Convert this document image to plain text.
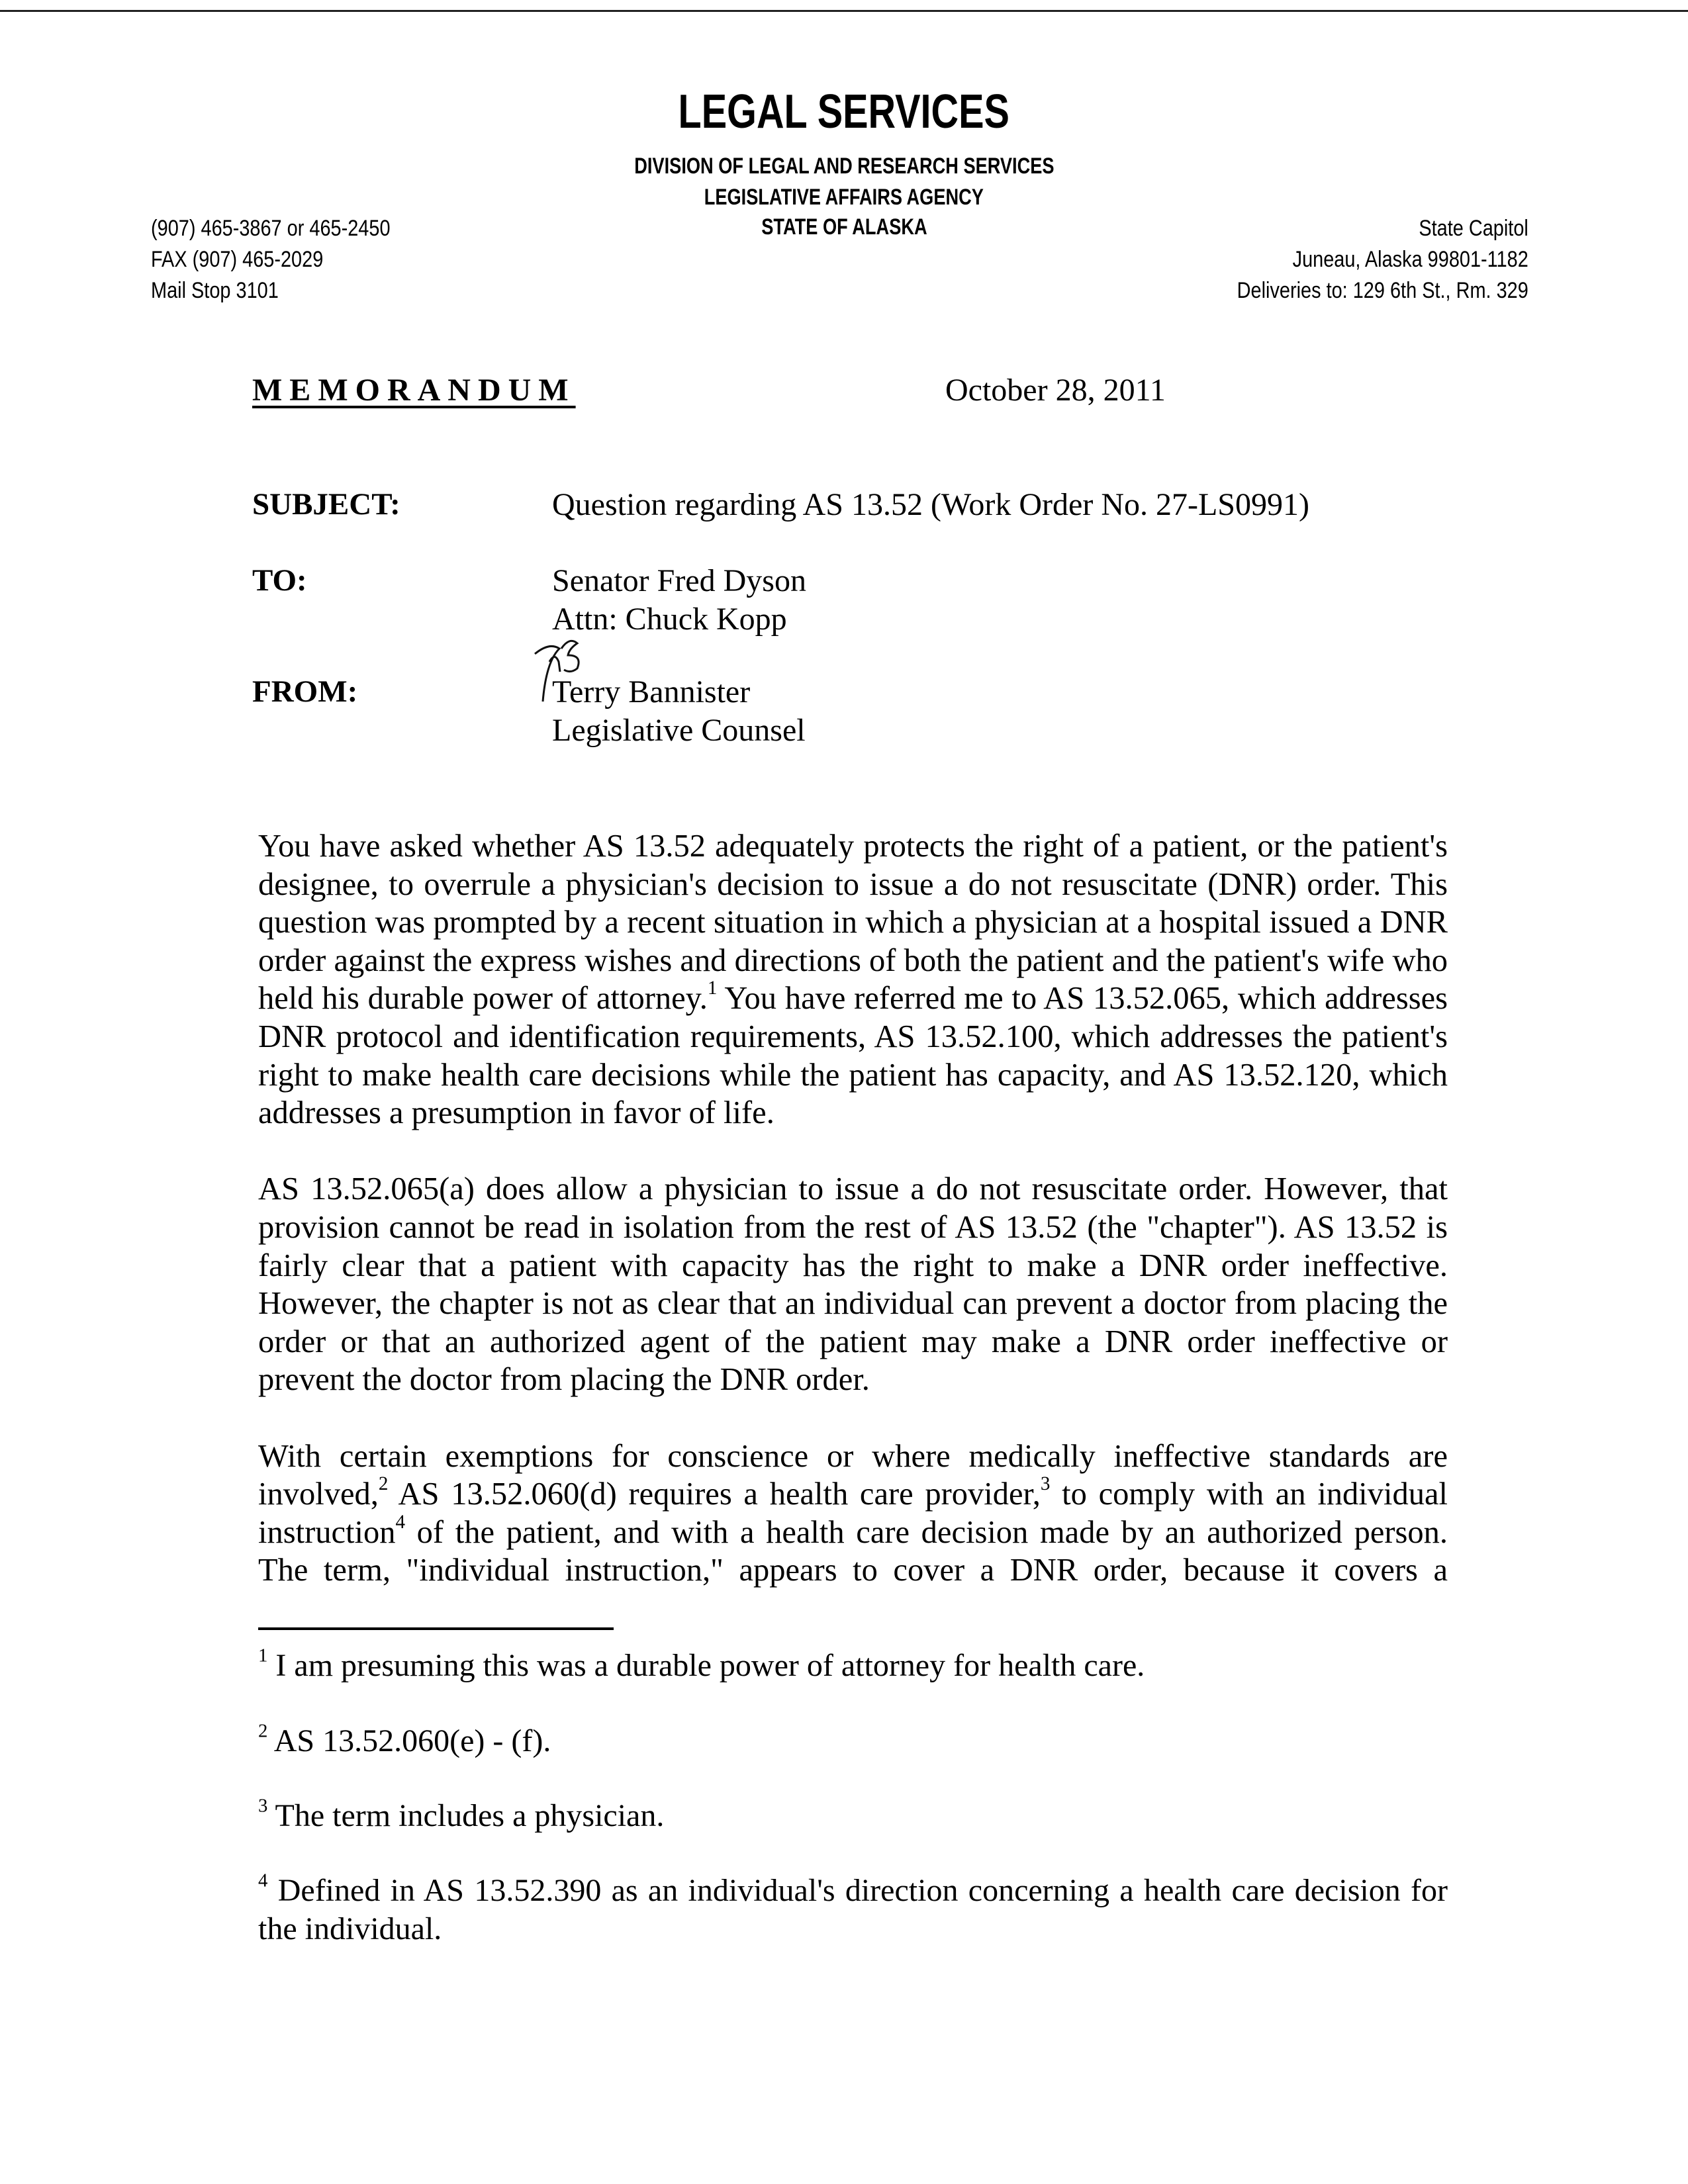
LEGAL SERVICES
DIVISION OF LEGAL AND RESEARCH SERVICES
LEGISLATIVE AFFAIRS AGENCY
STATE OF ALASKA
(907) 465-3867 or 465-2450
FAX (907) 465-2029
Mail Stop 3101
State Capitol
Juneau, Alaska 99801-1182
Deliveries to: 129 6th St., Rm. 329
MEMORANDUM	October 28, 2011
SUBJECT:	Question regarding AS 13.52 (Work Order No. 27-LS0991)
TO:	Senator Fred Dyson
Attn: Chuck Kopp
FROM:	Terry Bannister
Legislative Counsel

You have asked whether AS 13.52 adequately protects the right of a patient, or the patient's designee, to overrule a physician's decision to issue a do not resuscitate (DNR) order. This question was prompted by a recent situation in which a physician at a hospital issued a DNR order against the express wishes and directions of both the patient and the patient's wife who held his durable power of attorney.$^1$ You have referred me to AS 13.52.065, which addresses DNR protocol and identification requirements, AS 13.52.100, which addresses the patient's right to make health care decisions while the patient has capacity, and AS 13.52.120, which addresses a presumption in favor of life.

AS 13.52.065(a) does allow a physician to issue a do not resuscitate order. However, that provision cannot be read in isolation from the rest of AS 13.52 (the "chapter"). AS 13.52 is fairly clear that a patient with capacity has the right to make a DNR order ineffective. However, the chapter is not as clear that an individual can prevent a doctor from placing the order or that an authorized agent of the patient may make a DNR order ineffective or prevent the doctor from placing the DNR order.

With certain exemptions for conscience or where medically ineffective standards are involved,$^2$ AS 13.52.060(d) requires a health care provider,$^3$ to comply with an individual instruction$^4$ of the patient, and with a health care decision made by an authorized person. The term, "individual instruction," appears to cover a DNR order, because it covers a

$^1$ I am presuming this was a durable power of attorney for health care.
$^2$ AS 13.52.060(e) - (f).
$^3$ The term includes a physician.
$^4$ Defined in AS 13.52.390 as an individual's direction concerning a health care decision for the individual.
